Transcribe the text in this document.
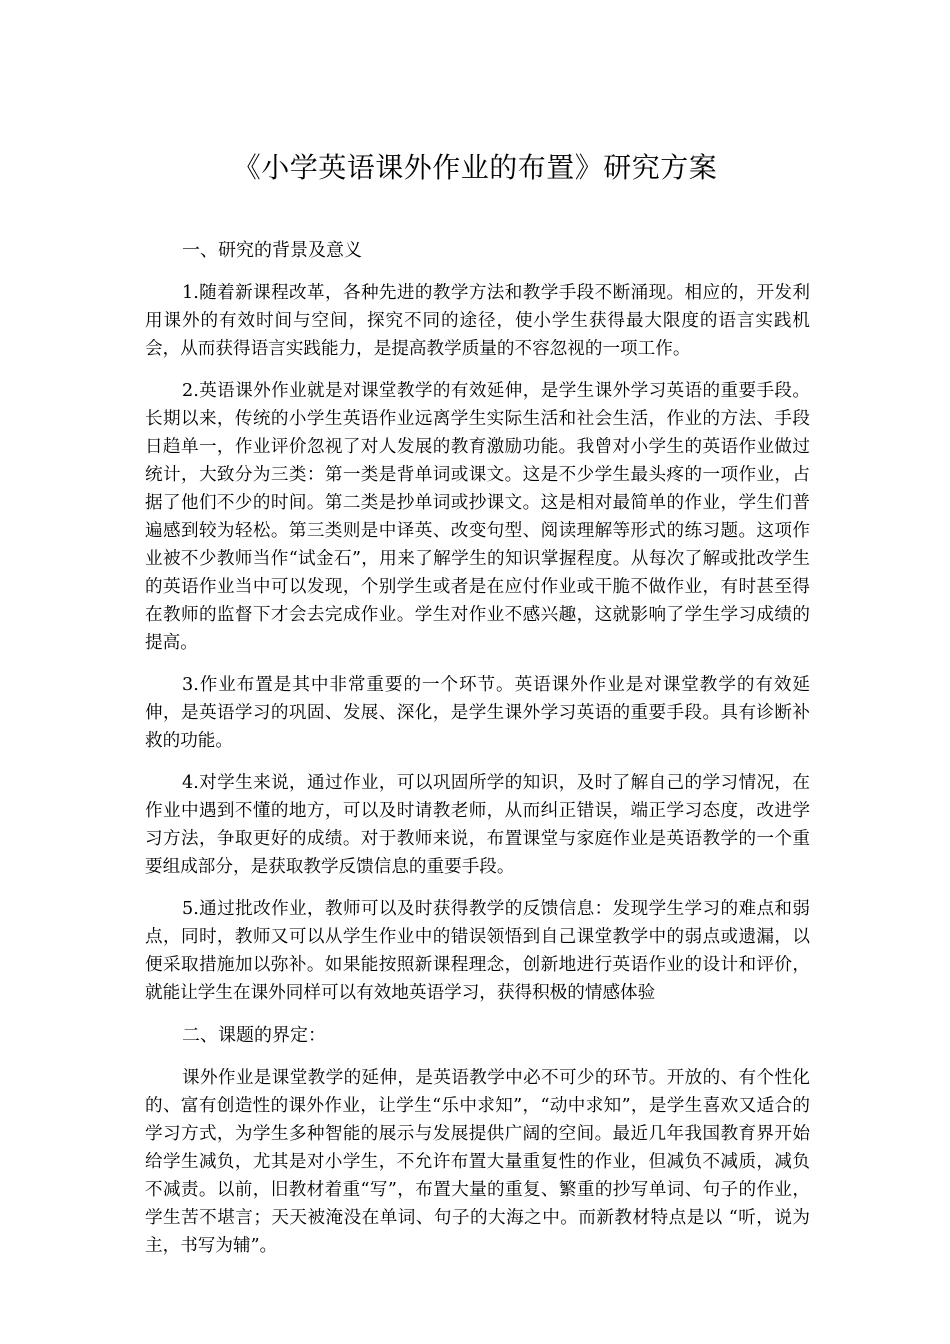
《小学英语课外作业的布置》研究方案

一、研究的背景及意义

1.随着新课程改革，各种先进的教学方法和教学手段不断涌现。相应的，开发利用课外的有效时间与空间，探究不同的途径，使小学生获得最大限度的语言实践机会，从而获得语言实践能力，是提高教学质量的不容忽视的一项工作。

2.英语课外作业就是对课堂教学的有效延伸，是学生课外学习英语的重要手段。长期以来，传统的小学生英语作业远离学生实际生活和社会生活，作业的方法、手段日趋单一，作业评价忽视了对人发展的教育激励功能。我曾对小学生的英语作业做过统计，大致分为三类：第一类是背单词或课文。这是不少学生最头疼的一项作业，占据了他们不少的时间。第二类是抄单词或抄课文。这是相对最简单的作业，学生们普遍感到较为轻松。第三类则是中译英、改变句型、阅读理解等形式的练习题。这项作业被不少教师当作“试金石”，用来了解学生的知识掌握程度。从每次了解或批改学生的英语作业当中可以发现，个别学生或者是在应付作业或干脆不做作业，有时甚至得在教师的监督下才会去完成作业。学生对作业不感兴趣，这就影响了学生学习成绩的提高。

3.作业布置是其中非常重要的一个环节。英语课外作业是对课堂教学的有效延伸，是英语学习的巩固、发展、深化，是学生课外学习英语的重要手段。具有诊断补救的功能。

4.对学生来说，通过作业，可以巩固所学的知识，及时了解自己的学习情况，在作业中遇到不懂的地方，可以及时请教老师，从而纠正错误，端正学习态度，改进学习方法，争取更好的成绩。对于教师来说，布置课堂与家庭作业是英语教学的一个重要组成部分，是获取教学反馈信息的重要手段。

5.通过批改作业，教师可以及时获得教学的反馈信息：发现学生学习的难点和弱点，同时，教师又可以从学生作业中的错误领悟到自己课堂教学中的弱点或遗漏，以便采取措施加以弥补。如果能按照新课程理念，创新地进行英语作业的设计和评价，就能让学生在课外同样可以有效地英语学习，获得积极的情感体验

二、课题的界定：

课外作业是课堂教学的延伸，是英语教学中必不可少的环节。开放的、有个性化的、富有创造性的课外作业，让学生“乐中求知”，“动中求知”，是学生喜欢又适合的学习方式，为学生多种智能的展示与发展提供广阔的空间。最近几年我国教育界开始给学生减负，尤其是对小学生，不允许布置大量重复性的作业，但减负不减质，减负不减责。以前，旧教材着重“写”，布置大量的重复、繁重的抄写单词、句子的作业，学生苦不堪言；天天被淹没在单词、句子的大海之中。而新教材特点是以 “听，说为主，书写为辅”。
